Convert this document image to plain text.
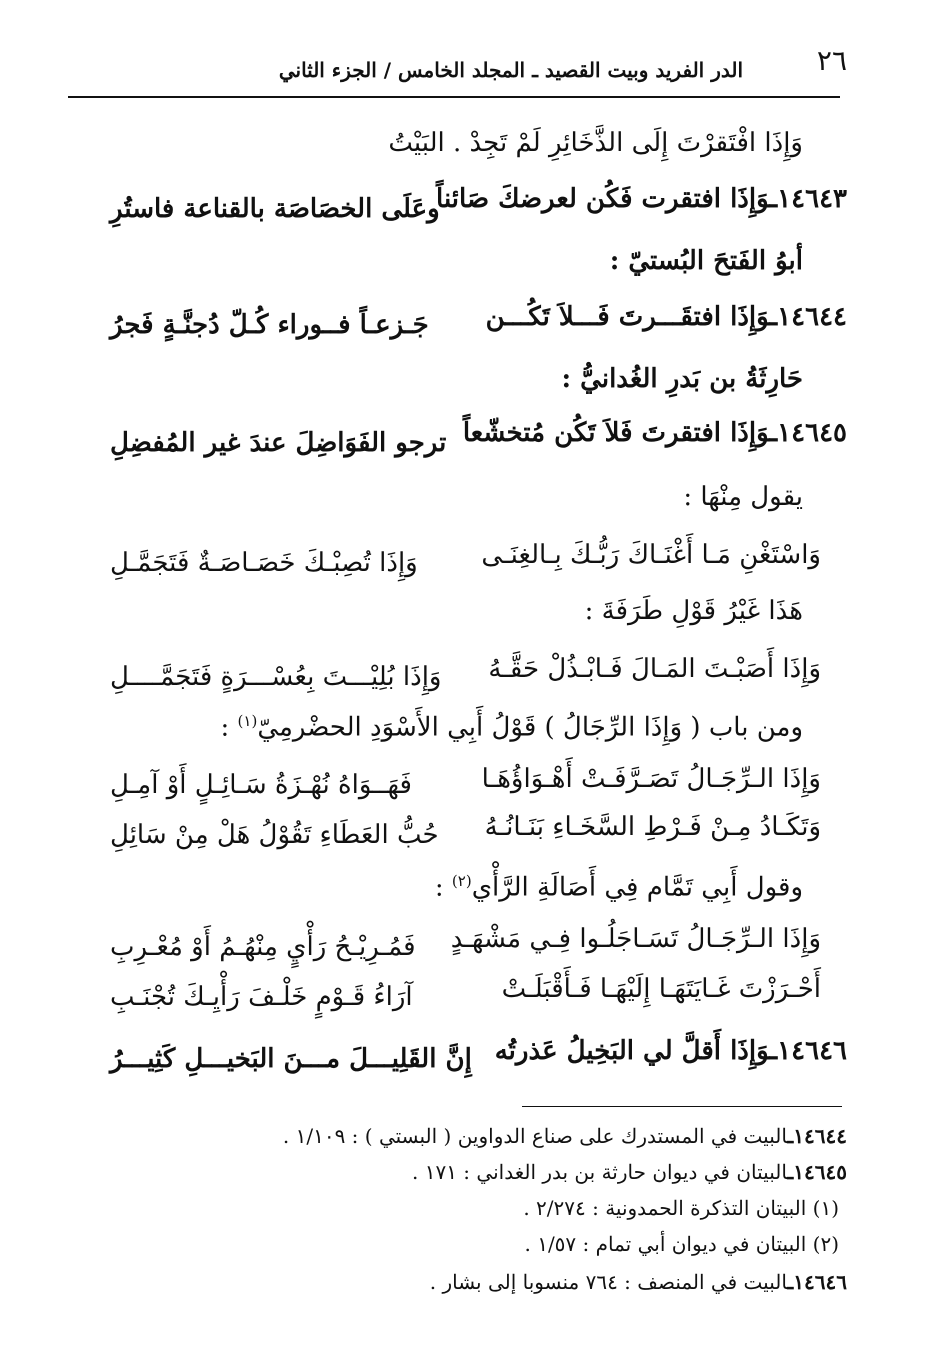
٢٦
الدر الفريد وبيت القصيد ـ المجلد الخامس / الجزء الثاني
وَإِذَا افْتَقرْتَ إِلَى الذَّخَائِرِ لَمْ تَجِدْ . البَيْتُ
١٤٦٤٣ـوَإِذَا افتقرت فَكُن لعرضكَ صَائناً
وعَلَى الخصَاصَة بالقناعة فاستُرِ
أبوُ الفَتحَ البُستيّ :
١٤٦٤٤ـوَإِذَا افتقَـــرتَ فَـــلاَ تَكُـــن
جَـزعـاً فــوراء كُـلّ دُجنَّـةٍ فَجرُ
حَارِثَةُ بن بَدرِ الغُدانيُّ :
١٤٦٤٥ـوَإِذَا افتقرتَ فَلاَ تَكُن مُتخشّعاً
ترجو الفَوَاضِلَ عندَ غير المُفضِلِ
يقول مِنْهَا :
وَاسْتَغْنِ مَـا أَغْنَـاكَ رَبُّـكَ بِـالغِنَـى
وَإِذَا تُصِبْـكَ خَصَـاصَـةٌ فَتَجَمَّـلِ
هَذَا غَيْرُ قَوْلِ طَرَفَةَ :
وَإِذَا أَصَبْـتَ المَـالَ فَـابْـذُلْ حَقَّـهُ
وَإِذَا بُلِيْـــتَ بِعُسْـــرَةٍ فَتَجَمَّــــلِ
ومن باب ( وَإِذَا الرِّجَالُ ) قَوْلُ أَبِي الأَسْوَدِ الحضْرمِيّ$^{(١)}$ :
وَإِذَا الـرِّجَـالُ تَصَـرَّفَـتْ أَهْـوَاؤُهَـا
فَهَــوَاهُ نُهْـزَةُ سَـائِـلٍ أَوْ آمِـلِ
وَتَكَـادُ مِـنْ فَـرْطِ السَّخَـاءِ بَنَـانُـهُ
حُبُّ العَطَاءِ تَقُوْلُ هَلْ مِنْ سَائِلِ
وقول أَبِي تَمَّام فِي أَصَالَةِ الرَّأْي$^{(٢)}$ :
وَإِذَا الـرِّجَـالُ تَسَـاجَلُـوا فِـي مَشْهَـدٍ
فَمُـرِيْـحُ رَأْيٍ مِنْهُـمُ أَوْ مُعْـرِبِ
أَحْـرَزْتَ غَـايَتَهَـا إِلَيْهَـا فَـأَقْبَلَـتْ
آرَاءُ قَـوْمٍ خَلْـفَ رَأْيِـكَ تُجْنَـبِ
١٤٦٤٦ـوَإِذَا أَقلَّ لي البَخِيلُ عَذرتُه
إِنَّ القَلِيـــلَ مـــنَ البَخيـــلِ كَثِيـــرُ
١٤٦٤٤ـالبيت في المستدرك على صناع الدواوين ( البستي ) : ١/١٠٩ .
١٤٦٤٥ـالبيتان في ديوان حارثة بن بدر الغداني : ١٧١ .
(١) البيتان التذكرة الحمدونية : ٢/٢٧٤ .
(٢) البيتان في ديوان أبي تمام : ١/٥٧ .
١٤٦٤٦ـالبيت في المنصف : ٧٦٤ منسوبا إلى بشار .
